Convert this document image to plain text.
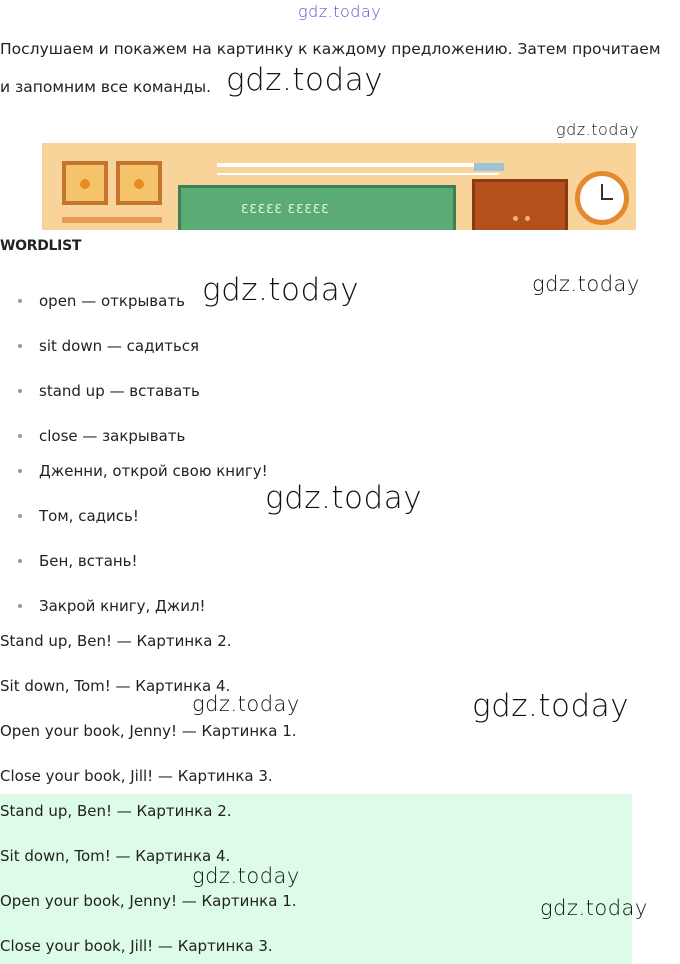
gdz.today
gdz.today
gdz.today
gdz.today	gdz.today
gdz.today
gdz.today	gdz.today
Послушаем и покажем на картинку к каждому предложению. Затем прочитаем
и запомним все команды.
ƐƐƐƐƐ ƐƐƐƐƐ
WORDLIST
open — открывать
sit down — садиться
stand up — вставать
close — закрывать
Дженни, открой свою книгу!
Том, садись!
Бен, встань!
Закрой книгу, Джил!
Stand up, Ben! — Картинка 2.
Sit down, Tom! — Картинка 4.
Open your book, Jenny! — Картинка 1.
Close your book, Jill! — Картинка 3.
Stand up, Ben! — Картинка 2.
Sit down, Tom! — Картинка 4.
Open your book, Jenny! — Картинка 1.
Close your book, Jill! — Картинка 3.
gdz.today
gdz.today
